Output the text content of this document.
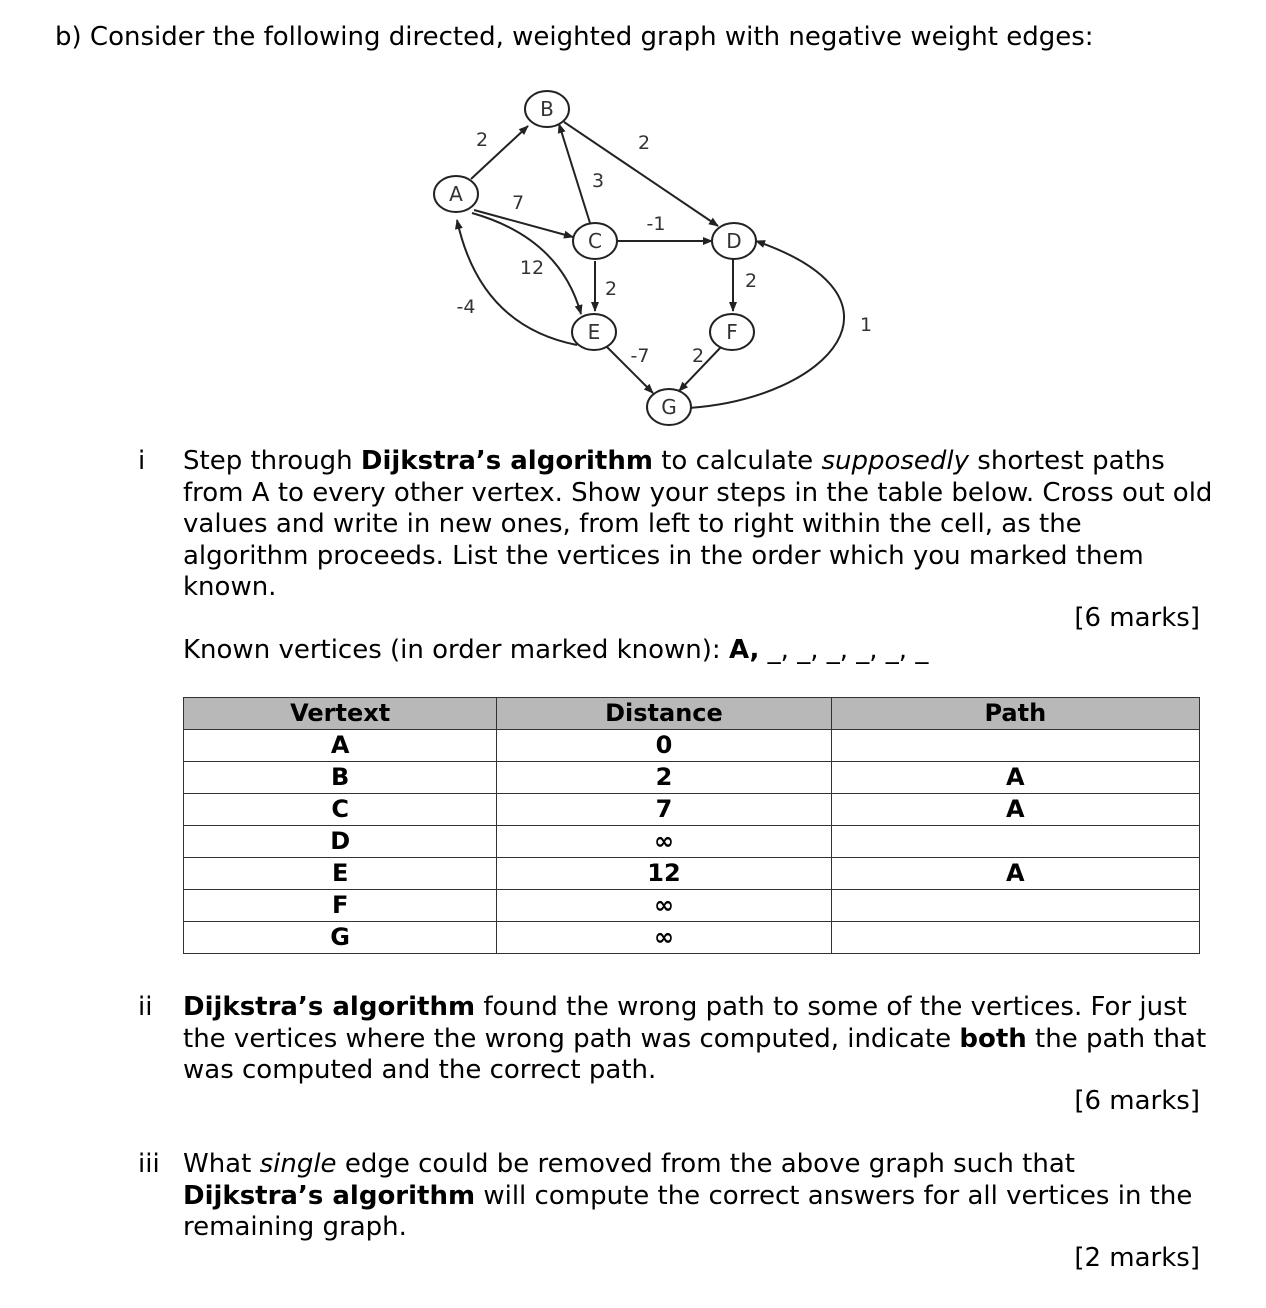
b) Consider the following directed, weighted graph with negative weight edges:
2
7
12
2
3
-1
2	2
-4
-7 2
1
A
B
C	D
E	F
G
i Step through Dijkstra’s algorithm to calculate supposedly shortest paths from A to every other vertex. Show your steps in the table below. Cross out old values and write in new ones, from left to right within the cell, as the algorithm proceeds. List the vertices in the order which you marked them known.
[6 marks]
Known vertices (in order marked known): A, _, _, _, _, _, _
Vertext	Distance	Path
A	0	
B	2	A
C	7	A
D	∞	
E	12	A
F	∞	
G	∞	
ii Dijkstra’s algorithm found the wrong path to some of the vertices. For just the vertices where the wrong path was computed, indicate both the path that was computed and the correct path.
[6 marks]
iii What single edge could be removed from the above graph such that Dijkstra’s algorithm will compute the correct answers for all vertices in the remaining graph.
[2 marks]
